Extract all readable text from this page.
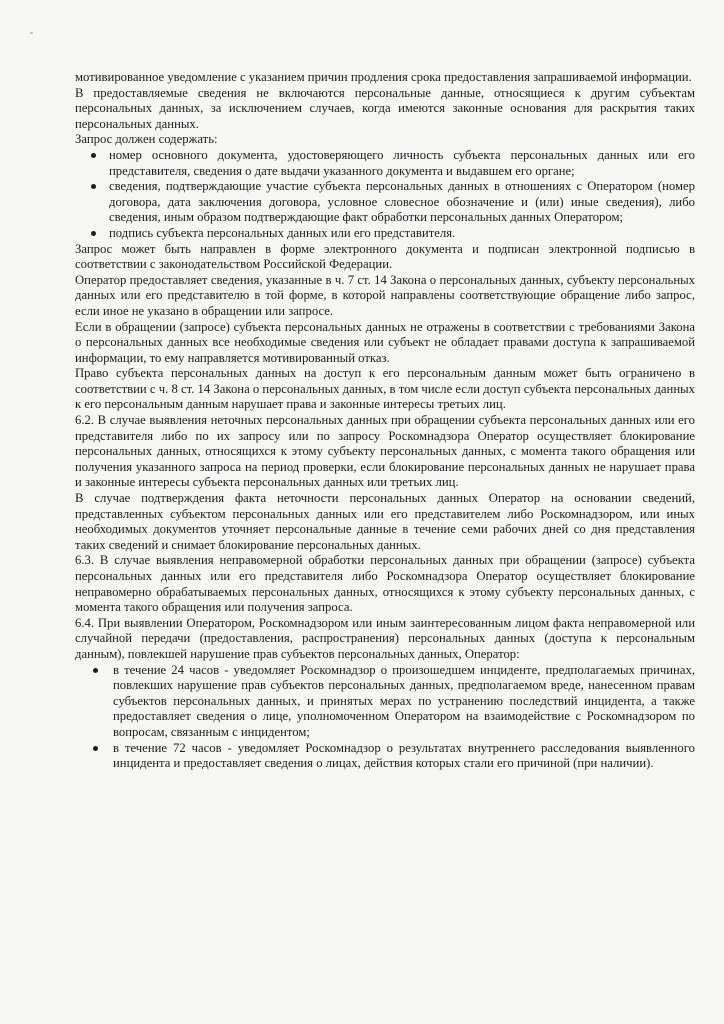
мотивированное уведомление с указанием причин продления срока предоставления запрашиваемой информации.

В предоставляемые сведения не включаются персональные данные, относящиеся к другим субъектам персональных данных, за исключением случаев, когда имеются законные основания для раскрытия таких персональных данных.

Запрос должен содержать:

номер основного документа, удостоверяющего личность субъекта персональных данных или его представителя, сведения о дате выдачи указанного документа и выдавшем его органе;
сведения, подтверждающие участие субъекта персональных данных в отношениях с Оператором (номер договора, дата заключения договора, условное словесное обозначение и (или) иные сведения), либо сведения, иным образом подтверждающие факт обработки персональных данных Оператором;
подпись субъекта персональных данных или его представителя.

Запрос может быть направлен в форме электронного документа и подписан электронной подписью в соответствии с законодательством Российской Федерации.

Оператор предоставляет сведения, указанные в ч. 7 ст. 14 Закона о персональных данных, субъекту персональных данных или его представителю в той форме, в которой направлены соответствующие обращение либо запрос, если иное не указано в обращении или запросе.

Если в обращении (запросе) субъекта персональных данных не отражены в соответствии с требованиями Закона о персональных данных все необходимые сведения или субъект не обладает правами доступа к запрашиваемой информации, то ему направляется мотивированный отказ.

Право субъекта персональных данных на доступ к его персональным данным может быть ограничено в соответствии с ч. 8 ст. 14 Закона о персональных данных, в том числе если доступ субъекта персональных данных к его персональным данным нарушает права и законные интересы третьих лиц.

6.2. В случае выявления неточных персональных данных при обращении субъекта персональных данных или его представителя либо по их запросу или по запросу Роскомнадзора Оператор осуществляет блокирование персональных данных, относящихся к этому субъекту персональных данных, с момента такого обращения или получения указанного запроса на период проверки, если блокирование персональных данных не нарушает права и законные интересы субъекта персональных данных или третьих лиц.

В случае подтверждения факта неточности персональных данных Оператор на основании сведений, представленных субъектом персональных данных или его представителем либо Роскомнадзором, или иных необходимых документов уточняет персональные данные в течение семи рабочих дней со дня представления таких сведений и снимает блокирование персональных данных.

6.3. В случае выявления неправомерной обработки персональных данных при обращении (запросе) субъекта персональных данных или его представителя либо Роскомнадзора Оператор осуществляет блокирование неправомерно обрабатываемых персональных данных, относящихся к этому субъекту персональных данных, с момента такого обращения или получения запроса.

6.4. При выявлении Оператором, Роскомнадзором или иным заинтересованным лицом факта неправомерной или случайной передачи (предоставления, распространения) персональных данных (доступа к персональным данным), повлекшей нарушение прав субъектов персональных данных, Оператор:

в течение 24 часов - уведомляет Роскомнадзор о произошедшем инциденте, предполагаемых причинах, повлекших нарушение прав субъектов персональных данных, предполагаемом вреде, нанесенном правам субъектов персональных данных, и принятых мерах по устранению последствий инцидента, а также предоставляет сведения о лице, уполномоченном Оператором на взаимодействие с Роскомнадзором по вопросам, связанным с инцидентом;
в течение 72 часов - уведомляет Роскомнадзор о результатах внутреннего расследования выявленного инцидента и предоставляет сведения о лицах, действия которых стали его причиной (при наличии).
